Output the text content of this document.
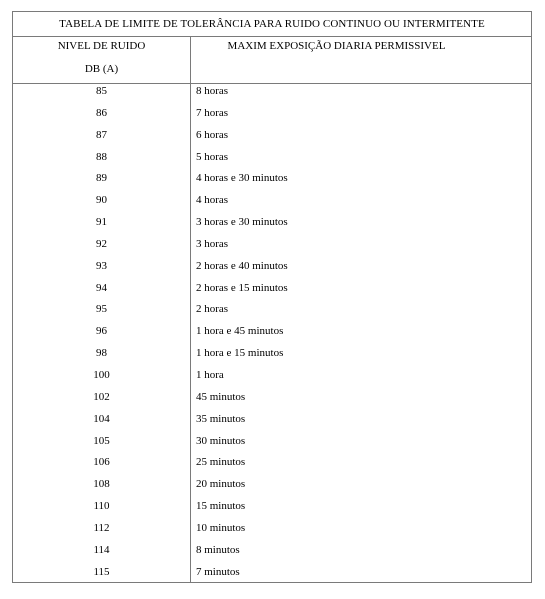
TABELA DE LIMITE DE TOLERÂNCIA PARA RUIDO CONTINUO OU INTERMITENTE
NIVEL DE RUIDO
DB (A)
MAXIM EXPOSIÇÃO DIARIA PERMISSIVEL
85	8 horas
86	7 horas
87	6 horas
88	5 horas
89	4 horas e 30 minutos
90	4 horas
91	3 horas e 30 minutos
92	3 horas
93	2 horas e 40 minutos
94	2 horas e 15 minutos
95	2 horas
96	1 hora e 45 minutos
98	1 hora e 15 minutos
100	1 hora
102	45 minutos
104	35 minutos
105	30 minutos
106	25 minutos
108	20 minutos
110	15 minutos
112	10 minutos
114	8 minutos
115	7 minutos
